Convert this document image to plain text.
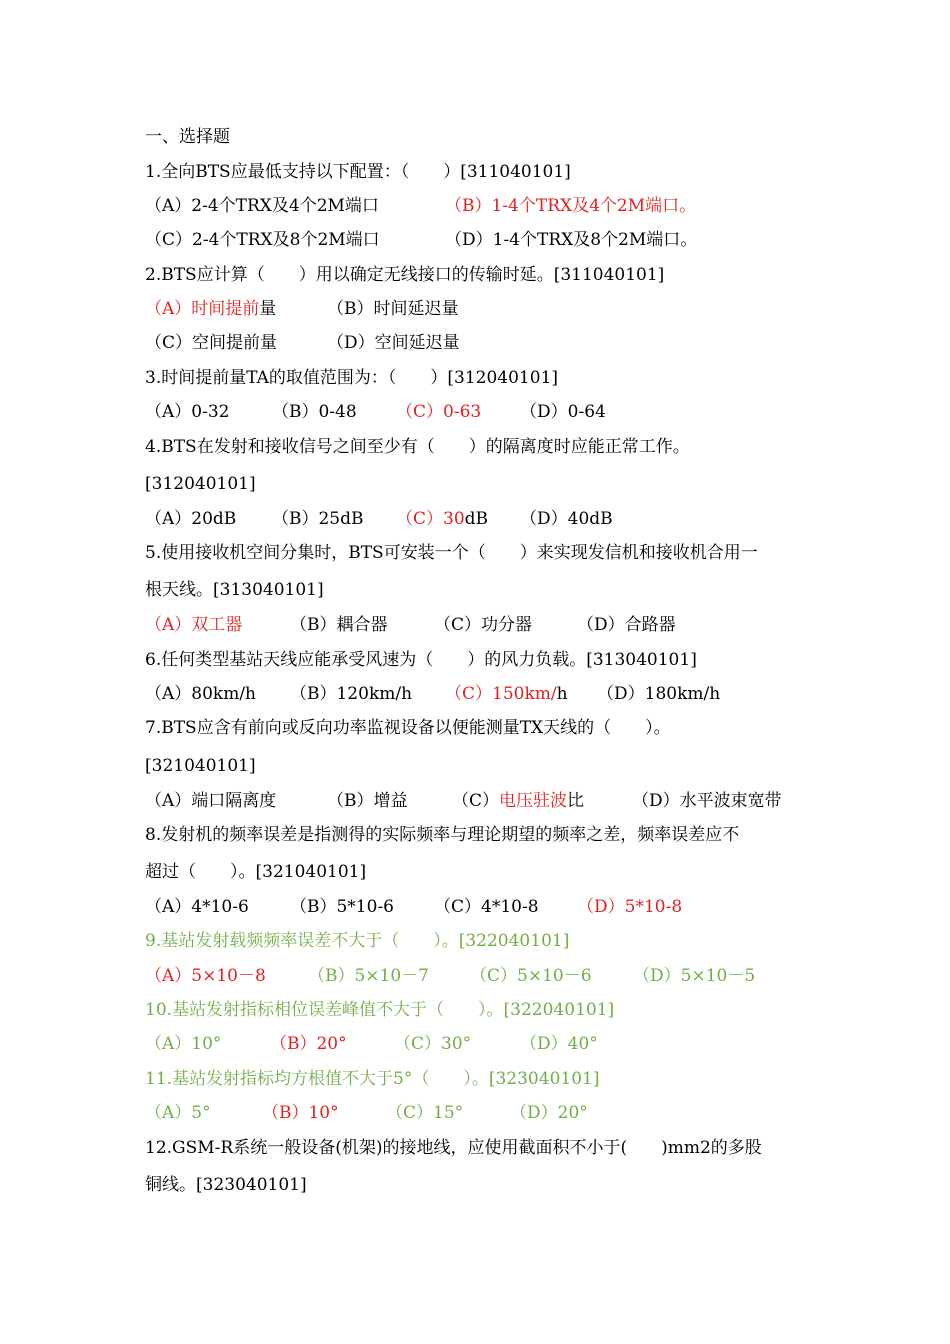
一、选择题
1.全向BTS应最低支持以下配置：（　　）[311040101]
（A）2-4个TRX及4个2M端口	（B）1-4个TRX及4个2M端口。
（C）2-4个TRX及8个2M端口	（D）1-4个TRX及8个2M端口。
2.BTS应计算（　　）用以确定无线接口的传输时延。[311040101]
（A）时间提前量	（B）时间延迟量
（C）空间提前量	（D）空间延迟量
3.时间提前量TA的取值范围为：（　　）[312040101]
（A）0-32	（B）0-48 （C）0-63 （D）0-64
4.BTS在发射和接收信号之间至少有（　　）的隔离度时应能正常工作。
[312040101]
（A）20dB （B）25dB （C）30dB （D）40dB
5.使用接收机空间分集时，BTS可安装一个（　　）来实现发信机和接收机合用一
根天线。[313040101]
（A）双工器	（B）耦合器	（C）功分器	（D）合路器
6.任何类型基站天线应能承受风速为（　　）的风力负载。[313040101]
（A）80km/h （B）120km/h （C）150km/h （D）180km/h
7.BTS应含有前向或反向功率监视设备以便能测量TX天线的（　　）。
[321040101]
（A）端口隔离度	（B）增益	（C）电压驻波比	（D）水平波束宽带
8.发射机的频率误差是指测得的实际频率与理论期望的频率之差，频率误差应不
超过（　　）。[321040101]
（A）4*10-6 （B）5*10-6 （C）4*10-8 （D）5*10-8
9.基站发射载频频率误差不大于（　　）。[322040101]
（A）5×10－8 （B）5×10－7 （C）5×10－6 （D）5×10－5
10.基站发射指标相位误差峰值不大于（　　）。[322040101]
（A）10°	（B）20°	（C）30°	（D）40°
11.基站发射指标均方根值不大于5°（　　）。[323040101]
（A）5°	（B）10°	（C）15°	（D）20°
12.GSM-R系统一般设备(机架)的接地线，应使用截面积不小于(　　)mm2的多股
铜线。[323040101]
